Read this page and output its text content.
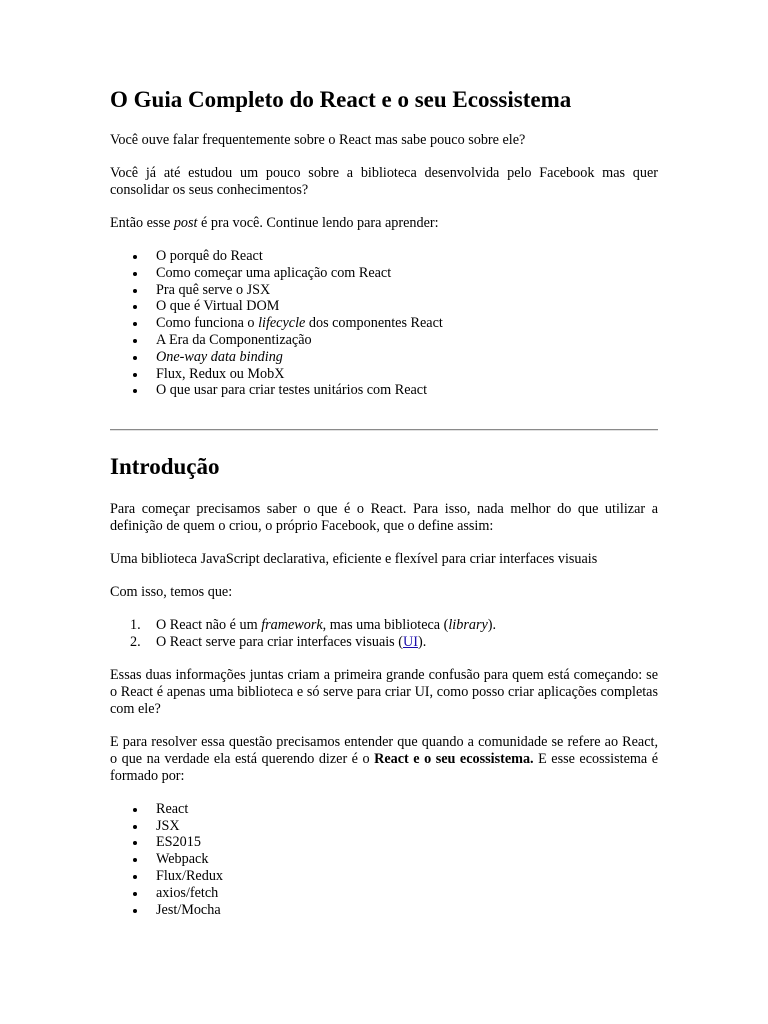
O Guia Completo do React e o seu Ecossistema

Você ouve falar frequentemente sobre o React mas sabe pouco sobre ele?

Você já até estudou um pouco sobre a biblioteca desenvolvida pelo Facebook mas quer consolidar os seus conhecimentos?

Então esse post é pra você. Continue lendo para aprender:

O porquê do React
Como começar uma aplicação com React
Pra quê serve o JSX
O que é Virtual DOM
Como funciona o lifecycle dos componentes React
A Era da Componentização
One-way data binding
Flux, Redux ou MobX
O que usar para criar testes unitários com React
Introdução

Para começar precisamos saber o que é o React. Para isso, nada melhor do que utilizar a definição de quem o criou, o próprio Facebook, que o define assim:

Uma biblioteca JavaScript declarativa, eficiente e flexível para criar interfaces visuais

Com isso, temos que:

1. O React não é um framework, mas uma biblioteca (library).
2. O React serve para criar interfaces visuais (UI).

Essas duas informações juntas criam a primeira grande confusão para quem está começando: se o React é apenas uma biblioteca e só serve para criar UI, como posso criar aplicações completas com ele?

E para resolver essa questão precisamos entender que quando a comunidade se refere ao React, o que na verdade ela está querendo dizer é o React e o seu ecossistema. E esse ecossistema é formado por:

React
JSX
ES2015
Webpack
Flux/Redux
axios/fetch
Jest/Mocha
